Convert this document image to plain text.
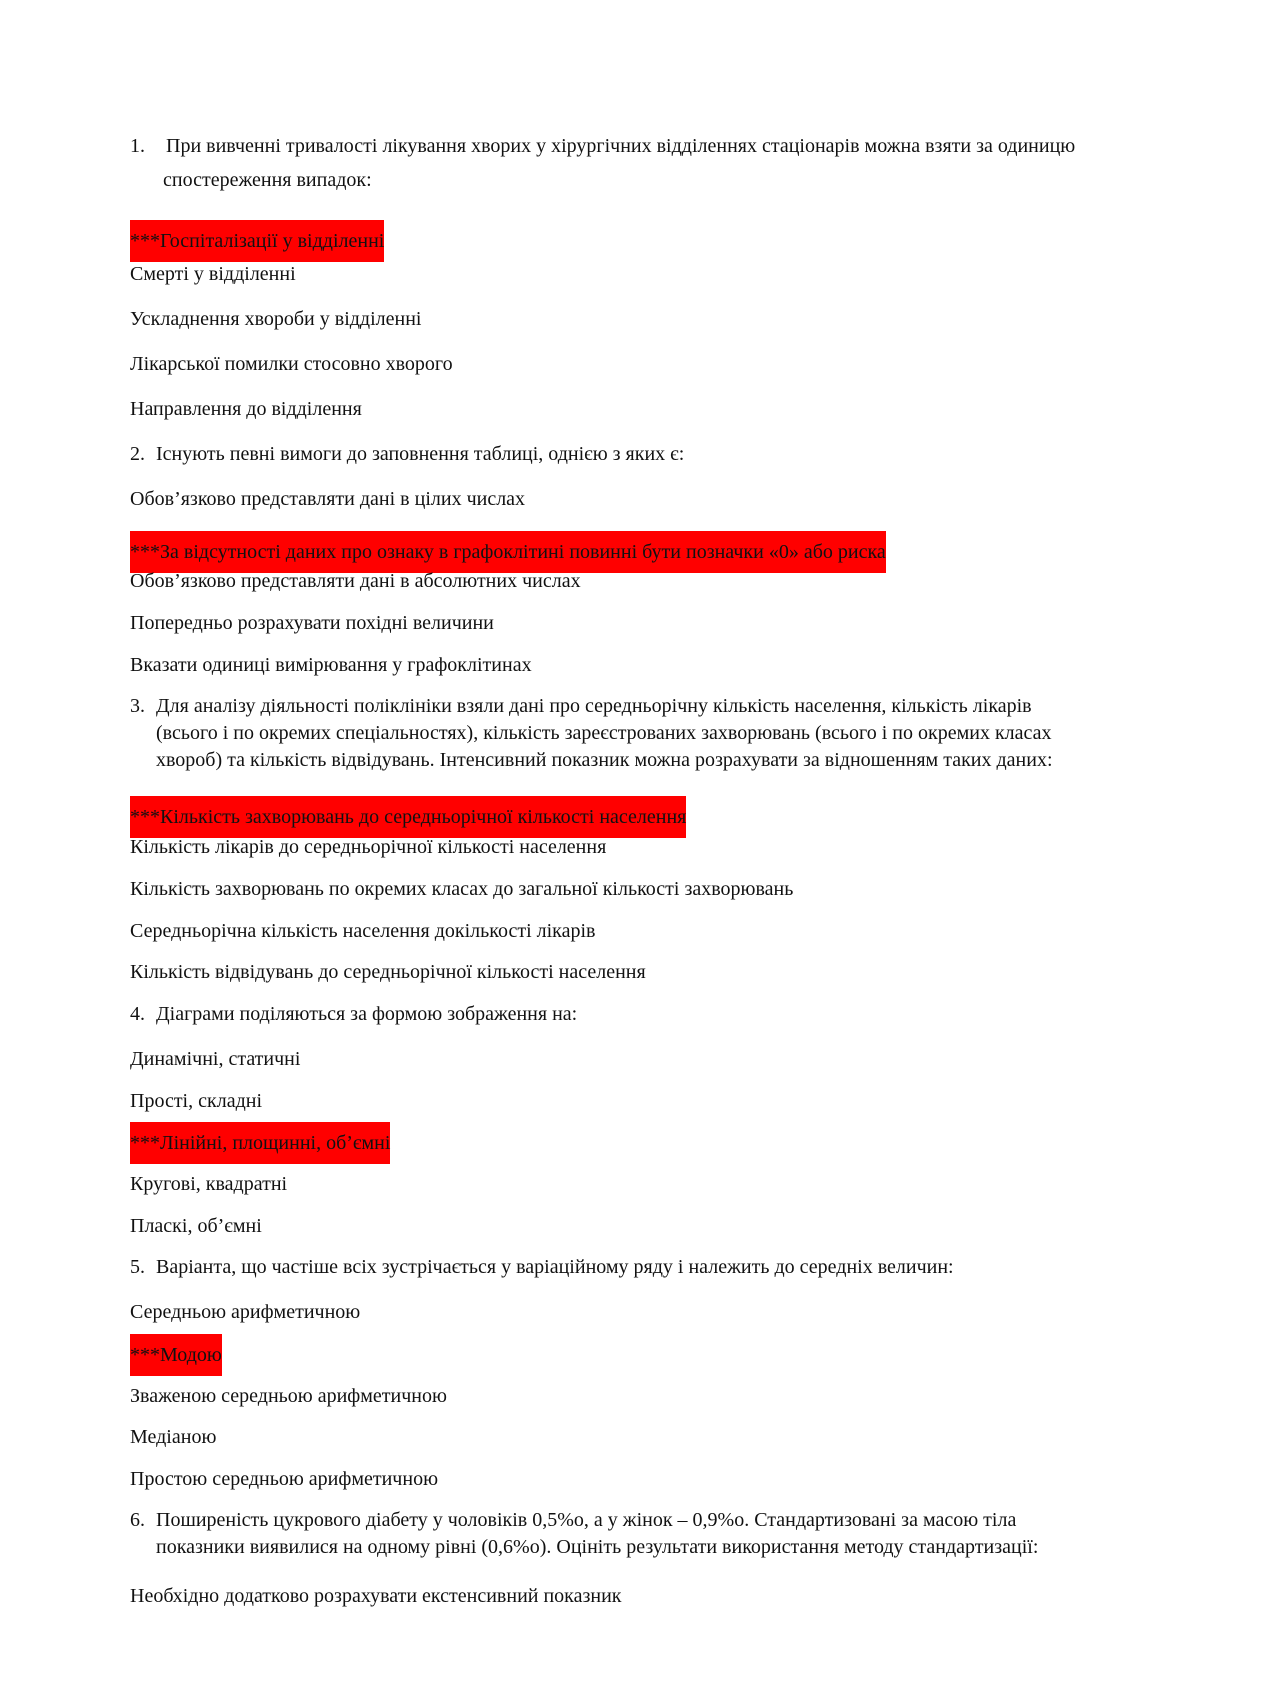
1. При вивченні тривалості лікування хворих у хірургічних відділеннях стаціонарів можна взяти за одиницю
спостереження випадок:
***Госпіталізації у відділенні
Смерті у відділенні
Ускладнення хвороби у відділенні
Лікарської помилки стосовно хворого
Направлення до відділення
2. Існують певні вимоги до заповнення таблиці, однією з яких є:
Обов’язково представляти дані в цілих числах
***За відсутності даних про ознаку в графоклітині повинні бути позначки «0» або риска
Обов’язково представляти дані в абсолютних числах
Попередньо розрахувати похідні величини
Вказати одиниці вимірювання у графоклітинах
3. Для аналізу діяльності поліклініки взяли дані про середньорічну кількість населення, кількість лікарів
(всього і по окремих спеціальностях), кількість зареєстрованих захворювань (всього і по окремих класах
хвороб) та кількість відвідувань. Інтенсивний показник можна розрахувати за відношенням таких даних:
***Кількість захворювань до середньорічної кількості населення
Кількість лікарів до середньорічної кількості населення
Кількість захворювань по окремих класах до загальної кількості захворювань
Середньорічна кількість населення докількості лікарів
Кількість відвідувань до середньорічної кількості населення
4. Діаграми поділяються за формою зображення на:
Динамічні, статичні
Прості, складні
***Лінійні, площинні, об’ємні
Кругові, квадратні
Пласкі, об’ємні
5. Варіанта, що частіше всіх зустрічається у варіаційному ряду і належить до середніх величин:
Середньою арифметичною
***Модою
Зваженою середньою арифметичною
Медіаною
Простою середньою арифметичною
6. Поширеність цукрового діабету у чоловіків 0,5%о, а у жінок – 0,9%о. Стандартизовані за масою тіла
показники виявилися на одному рівні (0,6%о). Оцініть результати використання методу стандартизації:
Необхідно додатково розрахувати екстенсивний показник
